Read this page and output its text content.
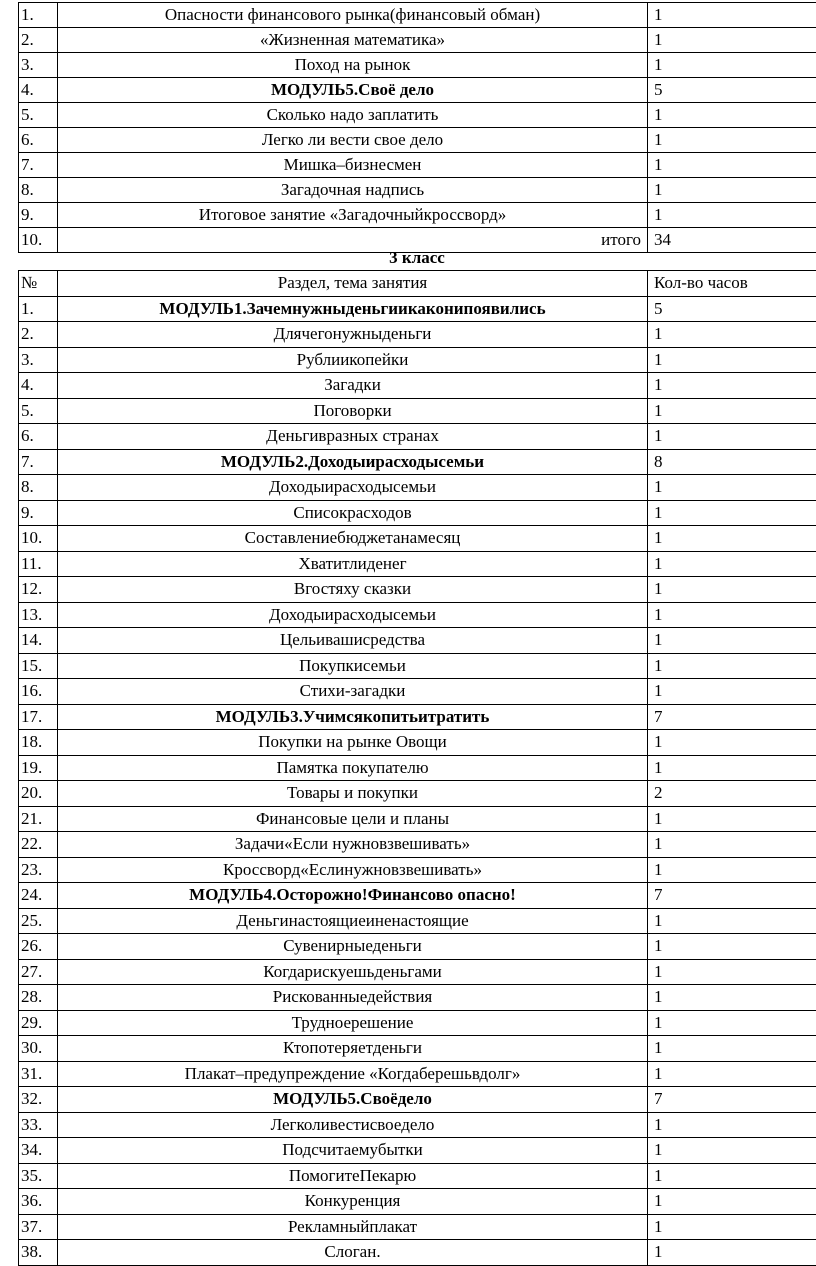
1.	Опасности финансового рынка(финансовый обман)	1
2.	«Жизненная математика»	1
3.	Поход на рынок	1
4.	МОДУЛЬ5.Своё дело	5
5.	Сколько надо заплатить	1
6.	Легко ли вести свое дело	1
7.	Мишка–бизнесмен	1
8.	Загадочная надпись	1
9.	Итоговое занятие «Загадочныйкроссворд»	1
10.	итого	34
3 класс
№	Раздел, тема занятия	Кол-во часов
1.	МОДУЛЬ1.Зачемнужныденьгиикаконипоявились	5
2.	Длячегонужныденьги	1
3.	Рублиикопейки	1
4.	Загадки	1
5.	Поговорки	1
6.	Деньгивразных странах	1
7.	МОДУЛЬ2.Доходыирасходысемьи	8
8.	Доходыирасходысемьи	1
9.	Списокрасходов	1
10.	Составлениебюджетанамесяц	1
11.	Хватитлиденег	1
12.	Вгостяху сказки	1
13.	Доходыирасходысемьи	1
14.	Цельивашисредства	1
15.	Покупкисемьи	1
16.	Стихи-загадки	1
17.	МОДУЛЬ3.Учимсякопитьитратить	7
18.	Покупки на рынке Овощи	1
19.	Памятка покупателю	1
20.	Товары и покупки	2
21.	Финансовые цели и планы	1
22.	Задачи«Если нужновзвешивать»	1
23.	Кроссворд«Еслинужновзвешивать»	1
24.	МОДУЛЬ4.Осторожно!Финансово опасно!	7
25.	Деньгинастоящиеиненастоящие	1
26.	Сувенирныеденьги	1
27.	Когдарискуешьденьгами	1
28.	Рискованныедействия	1
29.	Трудноерешение	1
30.	Ктопотеряетденьги	1
31.	Плакат–предупреждение «Когдаберешьвдолг»	1
32.	МОДУЛЬ5.Своёдело	7
33.	Легколивестисвоедело	1
34.	Подсчитаемубытки	1
35.	ПомогитеПекарю	1
36.	Конкуренция	1
37.	Рекламныйплакат	1
38.	Слоган.	1
